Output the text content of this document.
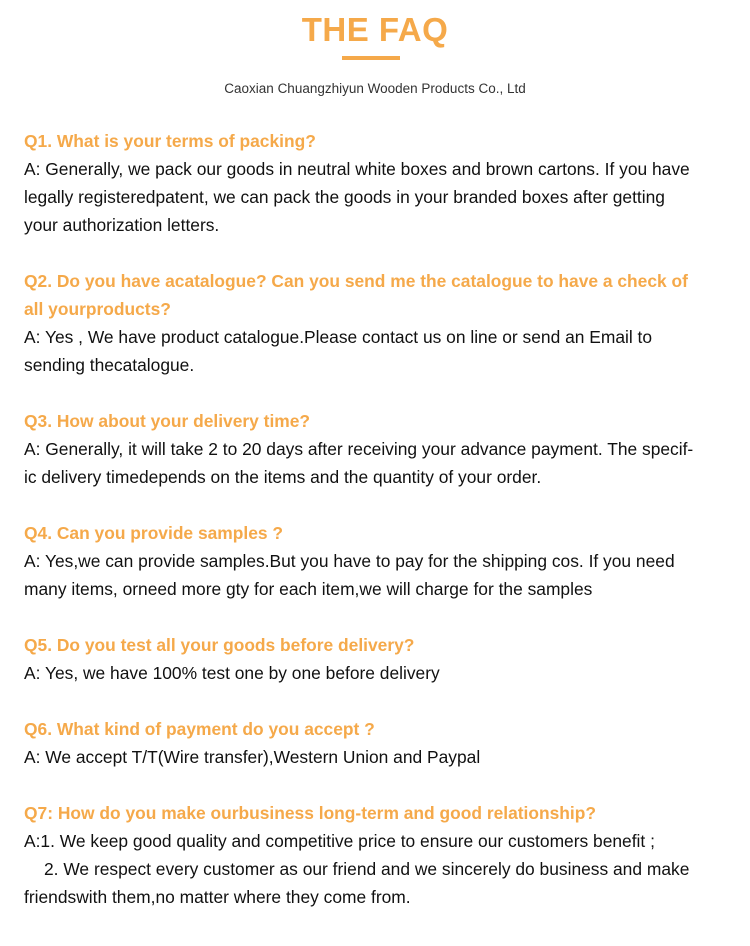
THE FAQ
Caoxian Chuangzhiyun Wooden Products Co., Ltd

Q1. What is your terms of packing?

A: Generally, we pack our goods in neutral white boxes and brown cartons. If you have

legally registeredpatent, we can pack the goods in your branded boxes after getting

your authorization letters.

Q2. Do you have acatalogue? Can you send me the catalogue to have a check of

all yourproducts?

A: Yes , We have product catalogue.Please contact us on line or send an Email to

sending thecatalogue.

Q3. How about your delivery time?

A: Generally, it will take 2 to 20 days after receiving your advance payment. The specif-

ic delivery timedepends on the items and the quantity of your order.

Q4. Can you provide samples ?

A: Yes,we can provide samples.But you have to pay for the shipping cos. If you need

many items, orneed more gty for each item,we will charge for the samples

Q5. Do you test all your goods before delivery?

A: Yes, we have 100% test one by one before delivery

Q6. What kind of payment do you accept ?

A: We accept T/T(Wire transfer),Western Union and Paypal

Q7: How do you make ourbusiness long-term and good relationship?

A:1. We keep good quality and competitive price to ensure our customers benefit ;

2. We respect every customer as our friend and we sincerely do business and make

friendswith them,no matter where they come from.
